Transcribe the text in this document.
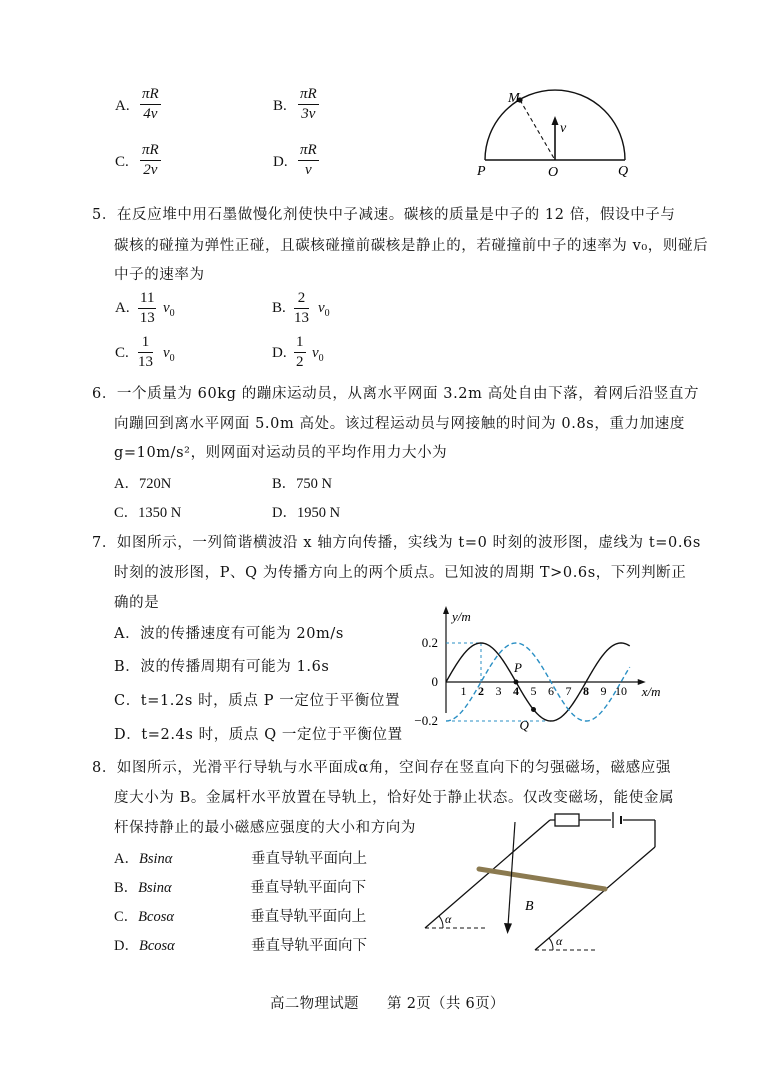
A. $\frac{\pi R}{4v}$	B. $\frac{\pi R}{3v}$
C. $\frac{\pi R}{2v}$	D. $\frac{\pi R}{v}$
M
v
P	O	Q
5．在反应堆中用石墨做慢化剂使快中子减速。碳核的质量是中子的 12 倍，假设中子与
碳核的碰撞为弹性正碰，且碳核碰撞前碳核是静止的，若碰撞前中子的速率为 v₀，则碰后
中子的速率为
A. $\frac{11}{13} v_0$	B. $\frac{2}{13} v_0$
C. $\frac{1}{13} v_0$	D. $\frac{1}{2} v_0$
6．一个质量为 60kg 的蹦床运动员，从离水平网面 3.2m 高处自由下落，着网后沿竖直方
向蹦回到离水平网面 5.0m 高处。该过程运动员与网接触的时间为 0.8s，重力加速度
g=10m/s²，则网面对运动员的平均作用力大小为
A．720N	B．750 N
C．1350 N	D．1950 N
7．如图所示，一列简谐横波沿 x 轴方向传播，实线为 t=0 时刻的波形图，虚线为 t=0.6s
时刻的波形图，P、Q 为传播方向上的两个质点。已知波的周期 T>0.6s，下列判断正
确的是
A．波的传播速度有可能为 20m/s
B．波的传播周期有可能为 1.6s
C．t=1.2s 时，质点 P 一定位于平衡位置
D．t=2.4s 时，质点 Q 一定位于平衡位置
y/m
x/m
0.2
0
−0.2
1 2 3 4 5 6 7 8 9 10
P
Q
8．如图所示，光滑平行导轨与水平面成α角，空间存在竖直向下的匀强磁场，磁感应强
度大小为 B。金属杆水平放置在导轨上，恰好处于静止状态。仅改变磁场，能使金属
杆保持静止的最小磁感应强度的大小和方向为
A．Bsinα	垂直导轨平面向上
B．Bsinα	垂直导轨平面向下
C．Bcosα	垂直导轨平面向上
D．Bcosα	垂直导轨平面向下
B
α
α
高二物理试题 第 2页（共 6页）
